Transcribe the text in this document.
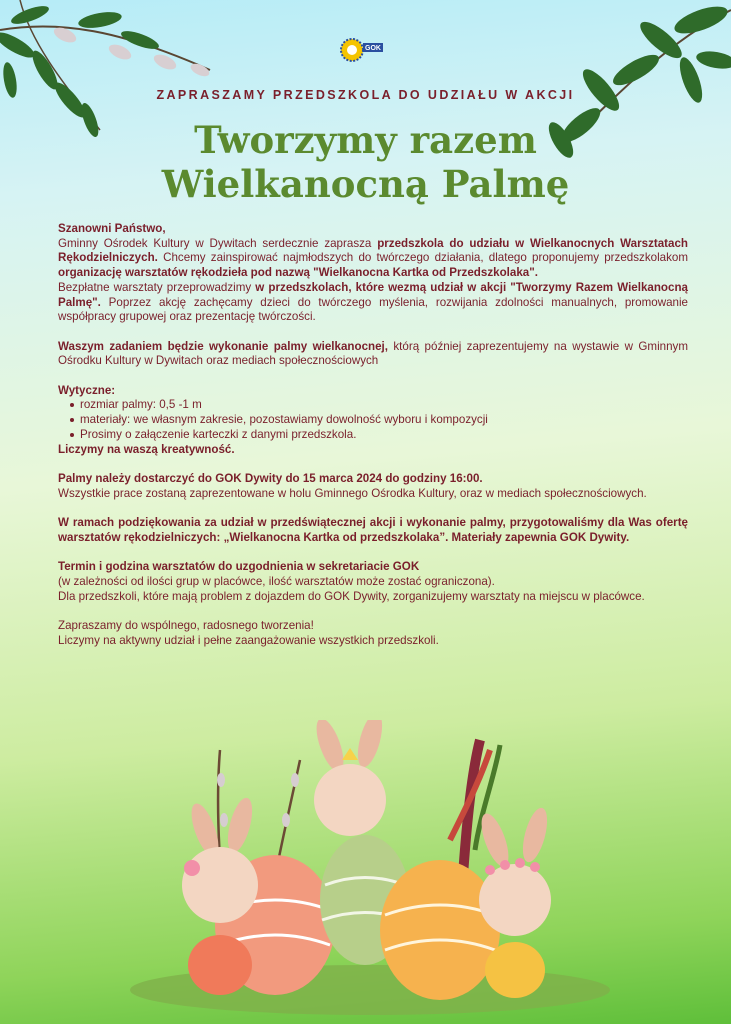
GOK
ZAPRASZAMY PRZEDSZKOLA DO UDZIAŁU W AKCJI
Tworzymy razem
Wielkanocną Palmę

Szanowni Państwo,

Gminny Ośrodek Kultury w Dywitach serdecznie zaprasza przedszkola do udziału w Wielkanocnych Warsztatach Rękodzielniczych. Chcemy zainspirować najmłodszych do twórczego działania, dlatego proponujemy przedszkolakom organizację warsztatów rękodzieła pod nazwą "Wielkanocna Kartka od Przedszkolaka".

Bezpłatne warsztaty przeprowadzimy w przedszkolach, które wezmą udział w akcji "Tworzymy Razem Wielkanocną Palmę". Poprzez akcję zachęcamy dzieci do twórczego myślenia, rozwijania zdolności manualnych, promowanie współpracy grupowej oraz prezentację twórczości.

Waszym zadaniem będzie wykonanie palmy wielkanocnej, którą później zaprezentujemy na wystawie w Gminnym Ośrodku Kultury w Dywitach oraz mediach społecznościowych

Wytyczne:

rozmiar palmy: 0,5 -1 m
materiały: we własnym zakresie, pozostawiamy dowolność wyboru i kompozycji
Prosimy o załączenie karteczki z danymi przedszkola.

Liczymy na waszą kreatywność.

Palmy należy dostarczyć do GOK Dywity do 15 marca 2024 do godziny 16:00.

Wszystkie prace zostaną zaprezentowane w holu Gminnego Ośrodka Kultury, oraz w mediach społecznościowych.

W ramach podziękowania za udział w przedświątecznej akcji i wykonanie palmy, przygotowaliśmy dla Was ofertę warsztatów rękodzielniczych: „Wielkanocna Kartka od przedszkolaka”. Materiały zapewnia GOK Dywity.

Termin i godzina warsztatów do uzgodnienia w sekretariacie GOK

(w zależności od ilości grup w placówce, ilość warsztatów może zostać ograniczona).

Dla przedszkoli, które mają problem z dojazdem do GOK Dywity, zorganizujemy warsztaty na miejscu w placówce.

Zapraszamy do wspólnego, radosnego tworzenia!

Liczymy na aktywny udział i pełne zaangażowanie wszystkich przedszkoli.
